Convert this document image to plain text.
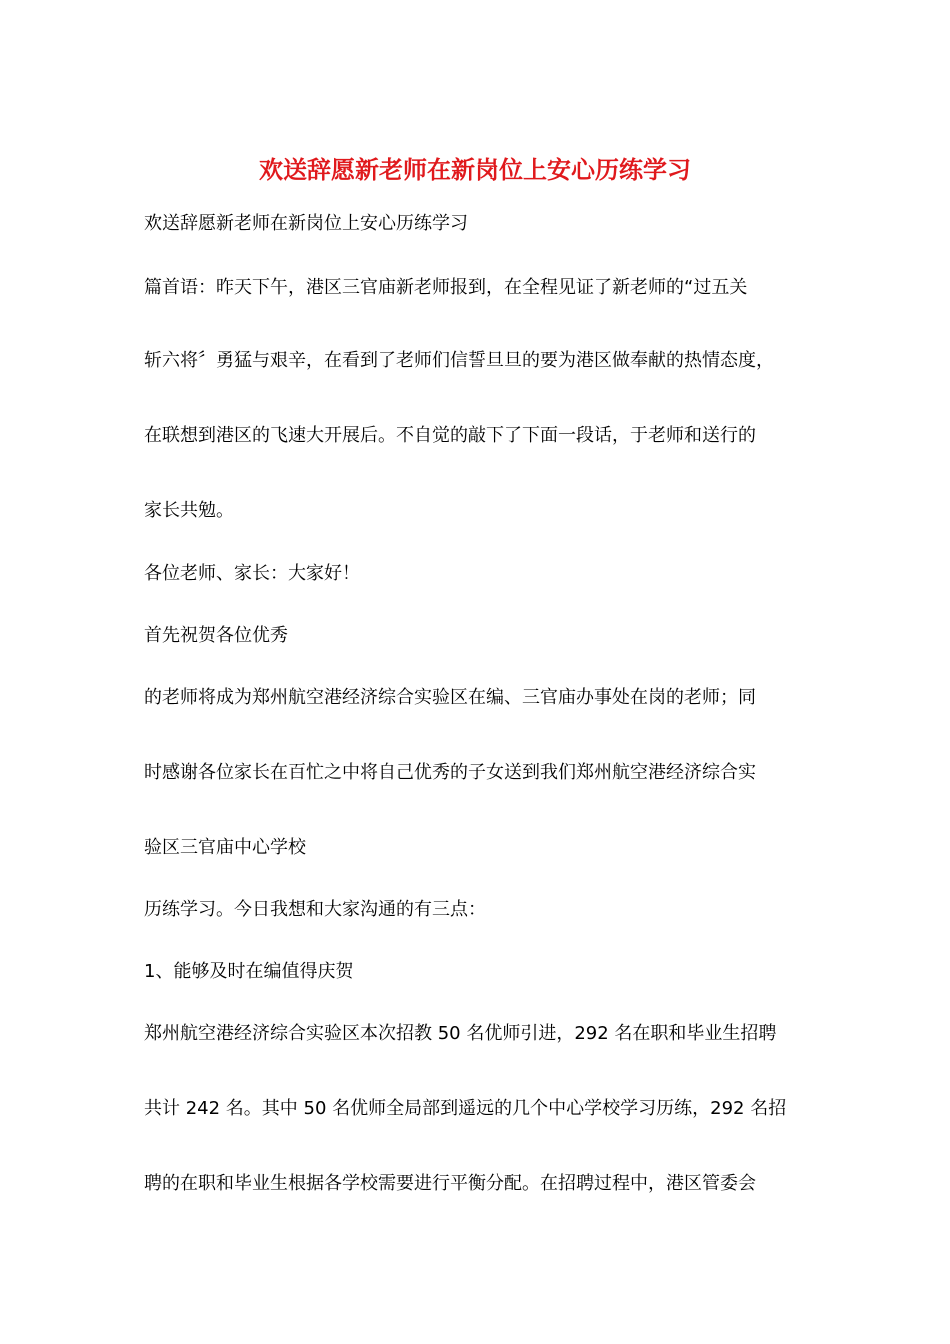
欢送辞愿新老师在新岗位上安心历练学习
欢送辞愿新老师在新岗位上安心历练学习
篇首语：昨天下午，港区三官庙新老师报到，在全程见证了新老师的“过五关
斩六将〞勇猛与艰辛，在看到了老师们信誓旦旦的要为港区做奉献的热情态度，
在联想到港区的飞速大开展后。不自觉的敲下了下面一段话，于老师和送行的
家长共勉。
各位老师、家长：大家好！
首先祝贺各位优秀
的老师将成为郑州航空港经济综合实验区在编、三官庙办事处在岗的老师；同
时感谢各位家长在百忙之中将自己优秀的子女送到我们郑州航空港经济综合实
验区三官庙中心学校
历练学习。今日我想和大家沟通的有三点：
1、能够及时在编值得庆贺
郑州航空港经济综合实验区本次招教 50 名优师引进，292 名在职和毕业生招聘
共计 242 名。其中 50 名优师全局部到遥远的几个中心学校学习历练，292 名招
聘的在职和毕业生根据各学校需要进行平衡分配。在招聘过程中，港区管委会
